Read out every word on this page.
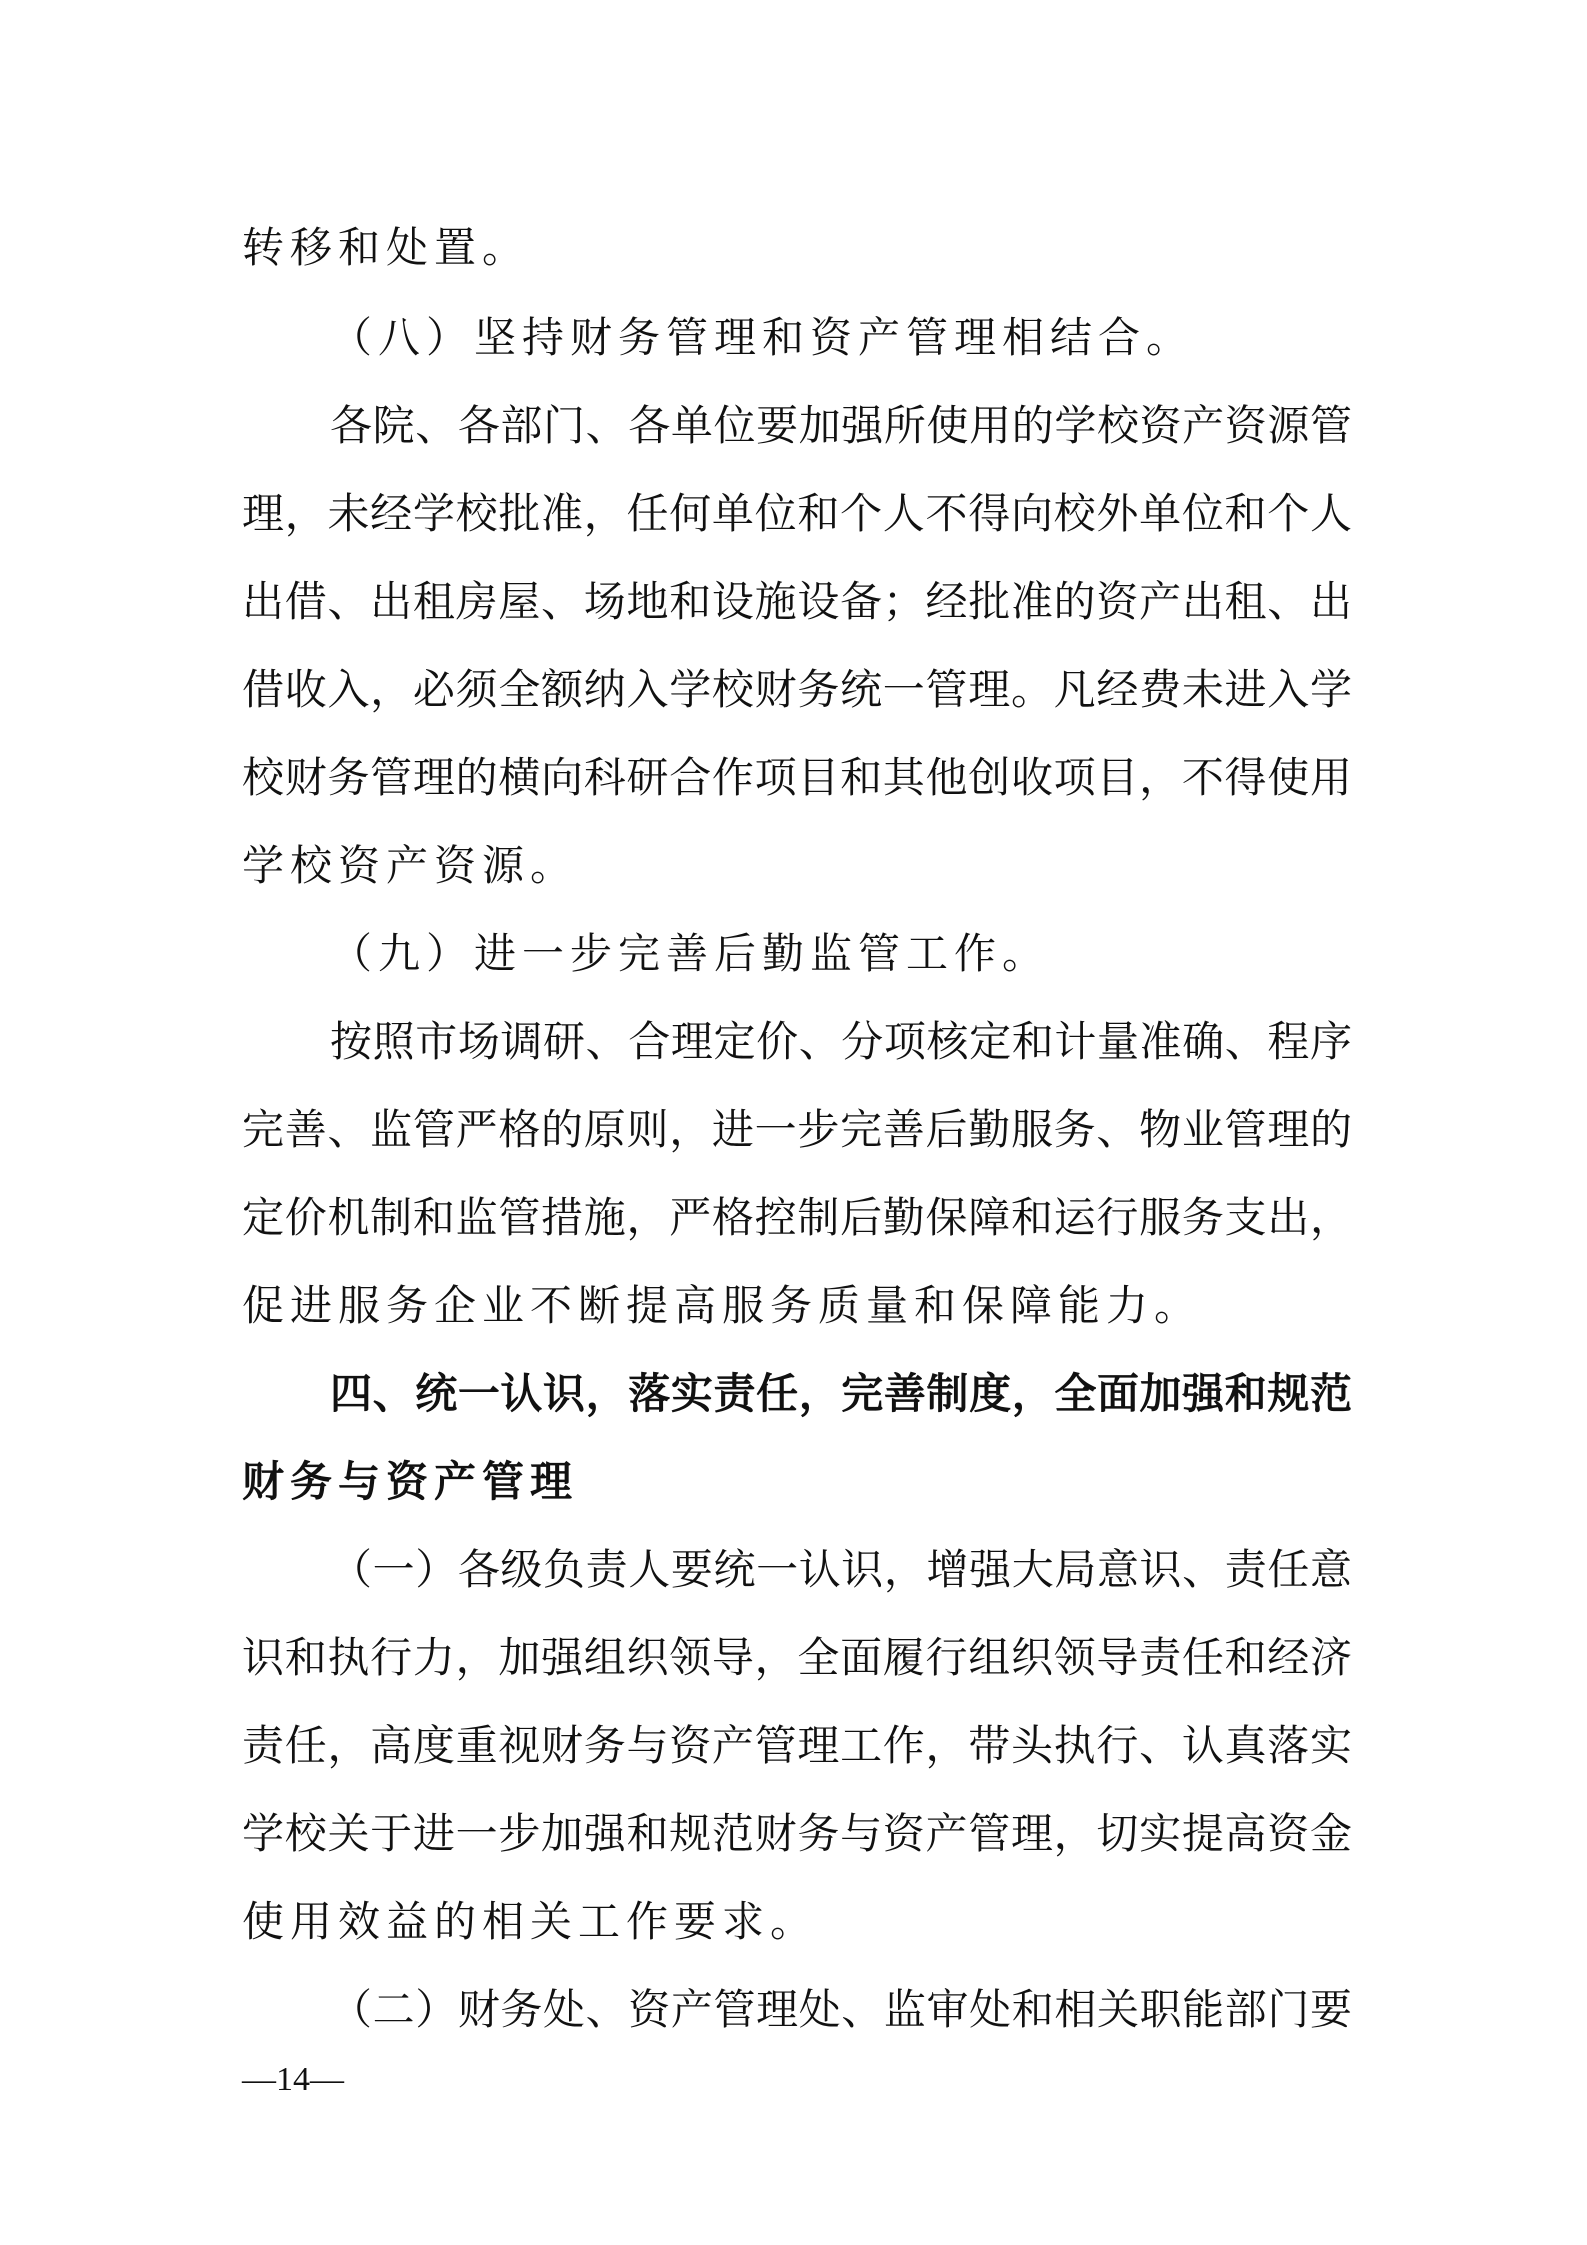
转移和处置。
（八）坚持财务管理和资产管理相结合。
各院、各部门、各单位要加强所使用的学校资产资源管
理，未经学校批准，任何单位和个人不得向校外单位和个人
出借、出租房屋、场地和设施设备；经批准的资产出租、出
借收入，必须全额纳入学校财务统一管理。凡经费未进入学
校财务管理的横向科研合作项目和其他创收项目，不得使用
学校资产资源。
（九）进一步完善后勤监管工作。
按照市场调研、合理定价、分项核定和计量准确、程序
完善、监管严格的原则，进一步完善后勤服务、物业管理的
定价机制和监管措施，严格控制后勤保障和运行服务支出，
促进服务企业不断提高服务质量和保障能力。
四、统一认识，落实责任，完善制度，全面加强和规范
财务与资产管理
（一）各级负责人要统一认识，增强大局意识、责任意
识和执行力，加强组织领导，全面履行组织领导责任和经济
责任，高度重视财务与资产管理工作，带头执行、认真落实
学校关于进一步加强和规范财务与资产管理，切实提高资金
使用效益的相关工作要求。
（二）财务处、资产管理处、监审处和相关职能部门要
—14—
